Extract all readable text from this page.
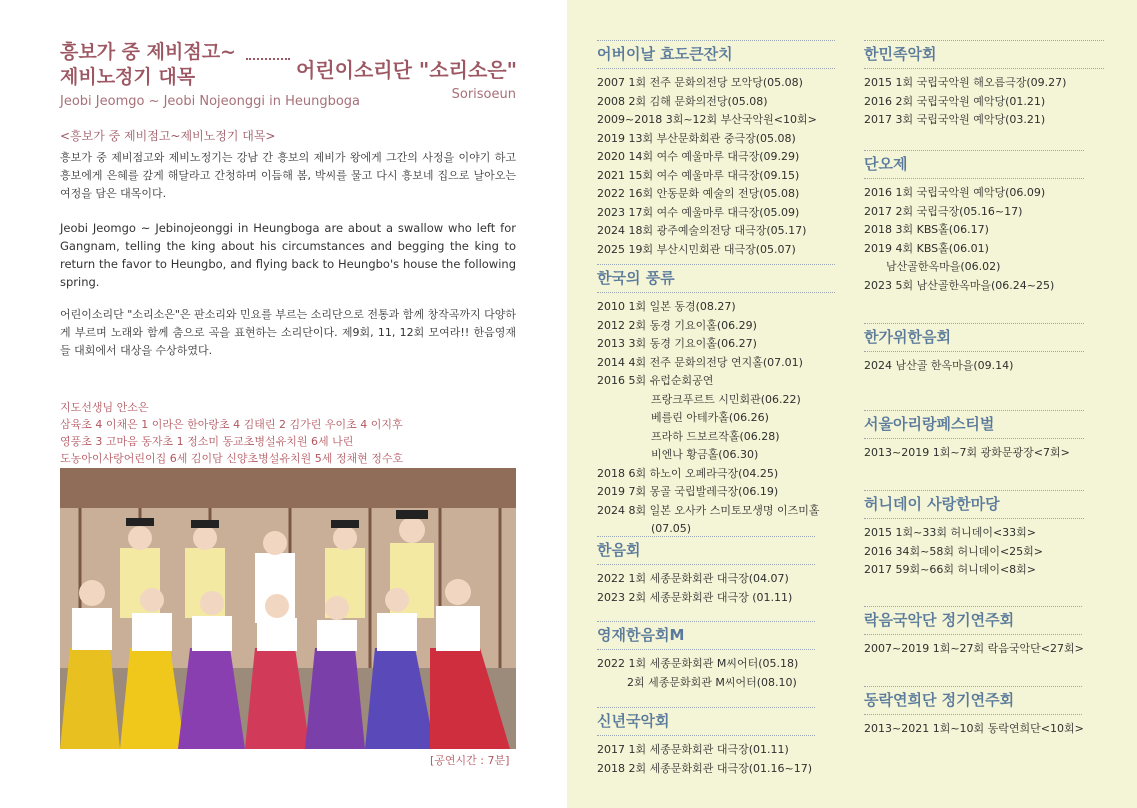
흥보가 중 제비점고~
제비노정기 대목	어린이소리단 "소리소은"
Jeobi Jeomgo ~ Jeobi Nojeonggi in Heungboga	Sorisoeun
<흥보가 중 제비점고~제비노정기 대목>
흥보가 중 제비점고와 제비노정기는 강남 간 흥보의 제비가 왕에게 그간의 사정을 이야기 하고 흥보에게 은혜를 갚게 해달라고 간청하며 이듬해 봄, 박씨를 물고 다시 흥보네 집으로 날아오는 여정을 담은 대목이다.
Jeobi Jeomgo ~ Jebinojeonggi in Heungboga are about a swallow who left for Gangnam, telling the king about his circumstances and begging the king to return the favor to Heungbo, and flying back to Heungbo's house the following spring.
어린이소리단 "소리소은"은 판소리와 민요를 부르는 소리단으로 전통과 함께 창작곡까지 다양하게 부르며 노래와 함께 춤으로 곡을 표현하는 소리단이다. 제9회, 11, 12회 모여라!! 한음영재들 대회에서 대상을 수상하였다.
지도선생님 안소은
삼육초 4 이채은 1 이라은 한아랑초 4 김태린 2 김가린 우이초 4 이지후
영풍초 3 고마음 동자초 1 정소미 동교초병설유치원 6세 나린
도농아이사랑어린이집 6세 김이담 신양초병설유치원 5세 정채현 정수호
[공연시간 : 7분]
어버이날 효도큰잔치
2007 1회 전주 문화의전당 모악당(05.08)
2008 2회 김해 문화의전당(05.08)
2009~2018 3회~12회 부산국악원<10회>
2019 13회 부산문화회관 중극장(05.08)
2020 14회 여수 예울마루 대극장(09.29)
2021 15회 여수 예울마루 대극장(09.15)
2022 16회 안동문화 예술의 전당(05.08)
2023 17회 여수 예울마루 대극장(05.09)
2024 18회 광주예술의전당 대극장(05.17)
2025 19회 부산시민회관 대극장(05.07)
한국의 풍류
2010 1회 일본 동경(08.27)
2012 2회 동경 기요이홀(06.29)
2013 3회 동경 기요이홀(06.27)
2014 4회 전주 문화의전당 연지홀(07.01)
2016 5회 유럽순회공연
프랑크푸르트 시민회관(06.22)
베를린 아테카홀(06.26)
프라하 드보르작홀(06.28)
비엔나 황금홀(06.30)
2018 6회 하노이 오페라극장(04.25)
2019 7회 몽골 국립발레극장(06.19)
2024 8회 일본 오사카 스미토모생명 이즈미홀
(07.05)
한음회
2022 1회 세종문화회관 대극장(04.07)
2023 2회 세종문화회관 대극장 (01.11)
영재한음회M
2022 1회 세종문화회관 M씨어터(05.18)
2회 세종문화회관 M씨어터(08.10)
신년국악회
2017 1회 세종문화회관 대극장(01.11)
2018 2회 세종문화회관 대극장(01.16~17)
한민족악회
2015 1회 국립국악원 해오름극장(09.27)
2016 2회 국립국악원 예악당(01.21)
2017 3회 국립국악원 예악당(03.21)
단오제
2016 1회 국립국악원 예악당(06.09)
2017 2회 국립극장(05.16~17)
2018 3회 KBS홀(06.17)
2019 4회 KBS홀(06.01)
남산골한옥마을(06.02)
2023 5회 남산골한옥마을(06.24~25)
한가위한음회
2024 남산골 한옥마을(09.14)
서울아리랑페스티벌
2013~2019 1회~7회 광화문광장<7회>
허니데이 사랑한마당
2015 1회~33회 허니데이<33회>
2016 34회~58회 허니데이<25회>
2017 59회~66회 허니데이<8회>
락음국악단 정기연주회
2007~2019 1회~27회 락음국악단<27회>
동락연희단 정기연주회
2013~2021 1회~10회 동락연희단<10회>
